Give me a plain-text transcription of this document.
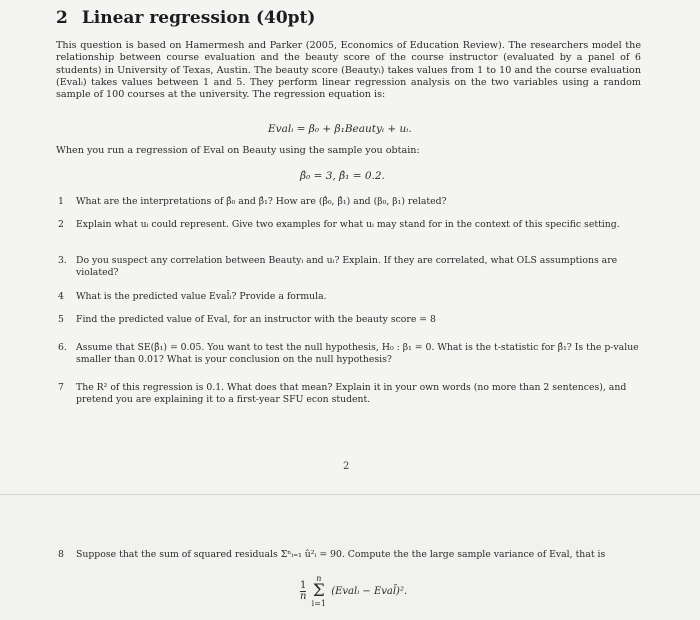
2 Linear regression (40pt)
This question is based on Hamermesh and Parker (2005, Economics of Education Review). The researchers model the relationship between course evaluation and the beauty score of the course instructor (evaluated by a panel of 6 students) in University of Texas, Austin. The beauty score (Beautyᵢ) takes values from 1 to 10 and the course evaluation (Evalᵢ) takes values between 1 and 5. They perform linear regression analysis on the two variables using a random sample of 100 courses at the university. The regression equation is:
Evalᵢ = β₀ + β₁Beautyᵢ + uᵢ.
When you run a regression of Eval on Beauty using the sample you obtain:
β̂₀ = 3, β̂₁ = 0.2.
1	What are the interpretations of β̂₀ and β̂₁? How are (β̂₀, β̂₁) and (β₀, β₁) related?
2	Explain what uᵢ could represent. Give two examples for what uᵢ may stand for in the context of this specific setting.
3. Do you suspect any correlation between Beautyᵢ and uᵢ? Explain. If they are correlated, what OLS assumptions are violated?
4	What is the predicted value Eval̂ᵢ? Provide a formula.
5	Find the predicted value of Eval, for an instructor with the beauty score = 8
6. Assume that SE(β̂₁) = 0.05. You want to test the null hypothesis, H₀ : β₁ = 0. What is the t-statistic for β̂₁? Is the p-value smaller than 0.01? What is your conclusion on the null hypothesis?
7	The R² of this regression is 0.1. What does that mean? Explain it in your own words (no more than 2 sentences), and pretend you are explaining it to a first-year SFU econ student.
2
8	Suppose that the sum of squared residuals Σⁿᵢ₌₁ û²ᵢ = 90. Compute the the large sample variance of Eval, that is
$\frac{1}{n}$
n
Σ
i=1 (Evalᵢ − Eval̄)².
